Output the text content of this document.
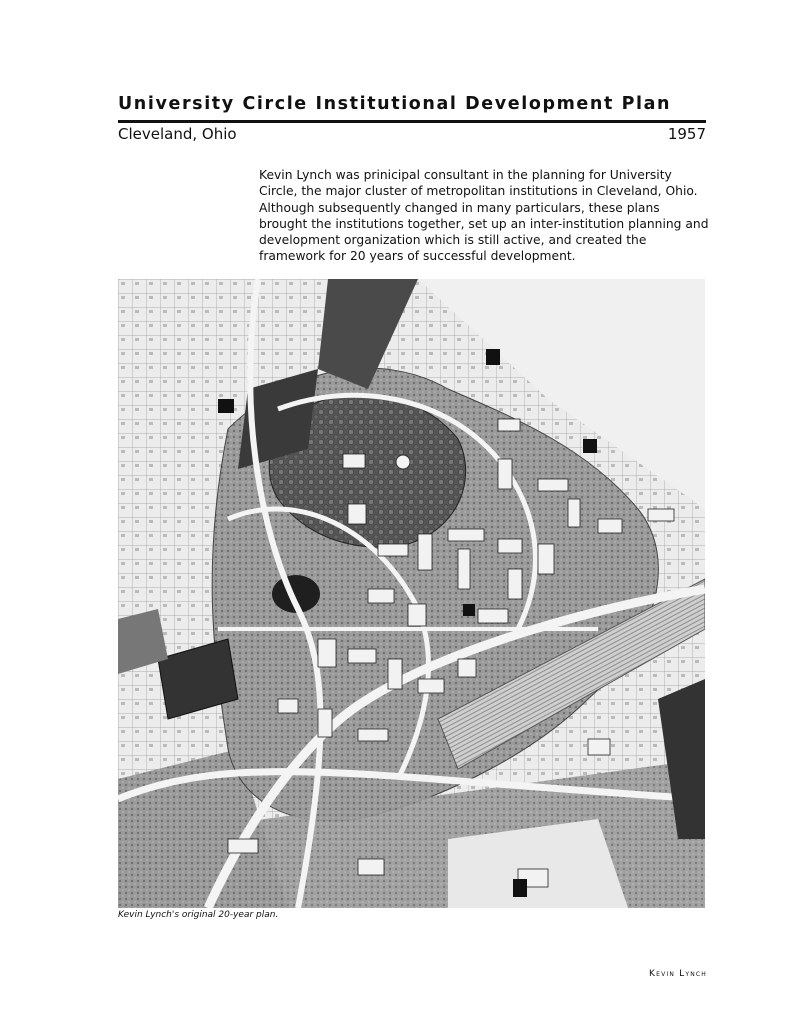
University Circle Institutional Development Plan
Cleveland, Ohio	1957

Kevin Lynch was prinicipal consultant in the planning for University Circle, the major cluster of metropolitan institutions in Cleveland, Ohio. Although subsequently changed in many particulars, these plans brought the institutions together, set up an inter-institution planning and development organization which is still active, and created the framework for 20 years of successful development.

Kevin Lynch's original 20-year plan.
Kevin Lynch
